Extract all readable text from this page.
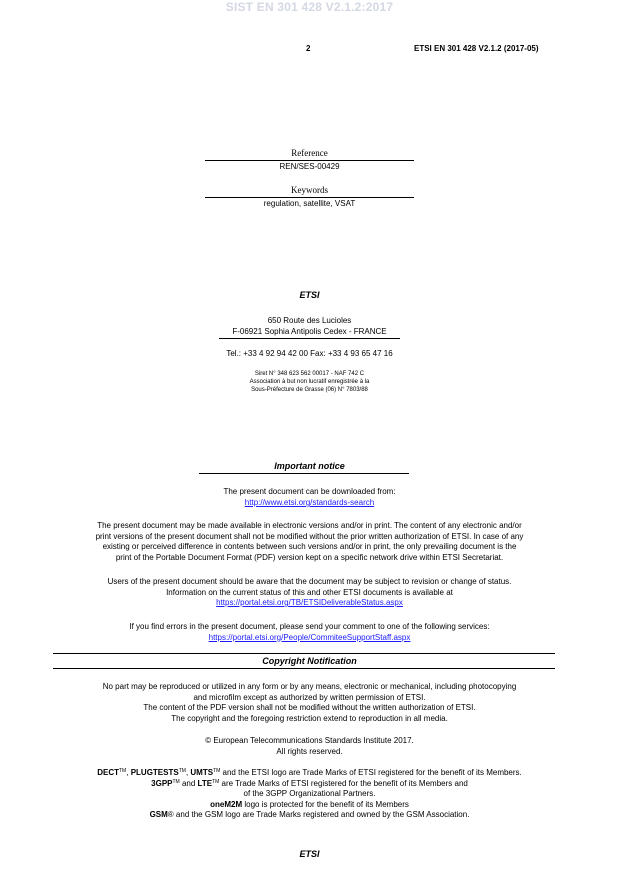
SIST EN 301 428 V2.1.2:2017
2	ETSI EN 301 428 V2.1.2 (2017-05)
Reference
REN/SES-00429
Keywords
regulation, satellite, VSAT
ETSI
650 Route des Lucioles
F-06921 Sophia Antipolis Cedex - FRANCE
Tel.: +33 4 92 94 42 00 Fax: +33 4 93 65 47 16
Siret N° 348 623 562 00017 - NAF 742 C
Association à but non lucratif enregistrée à la
Sous-Préfecture de Grasse (06) N° 7803/88
Important notice
The present document can be downloaded from:
http://www.etsi.org/standards-search
The present document may be made available in electronic versions and/or in print. The content of any electronic and/or
print versions of the present document shall not be modified without the prior written authorization of ETSI. In case of any
existing or perceived difference in contents between such versions and/or in print, the only prevailing document is the
print of the Portable Document Format (PDF) version kept on a specific network drive within ETSI Secretariat.
Users of the present document should be aware that the document may be subject to revision or change of status.
Information on the current status of this and other ETSI documents is available at
https://portal.etsi.org/TB/ETSIDeliverableStatus.aspx
If you find errors in the present document, please send your comment to one of the following services:
https://portal.etsi.org/People/CommiteeSupportStaff.aspx
Copyright Notification
No part may be reproduced or utilized in any form or by any means, electronic or mechanical, including photocopying
and microfilm except as authorized by written permission of ETSI.
The content of the PDF version shall not be modified without the written authorization of ETSI.
The copyright and the foregoing restriction extend to reproduction in all media.
© European Telecommunications Standards Institute 2017.
All rights reserved.
DECT™, PLUGTESTS™, UMTS™ and the ETSI logo are Trade Marks of ETSI registered for the benefit of its Members.
3GPP™ and LTE™ are Trade Marks of ETSI registered for the benefit of its Members and
of the 3GPP Organizational Partners.
oneM2M logo is protected for the benefit of its Members
GSM® and the GSM logo are Trade Marks registered and owned by the GSM Association.
ETSI
